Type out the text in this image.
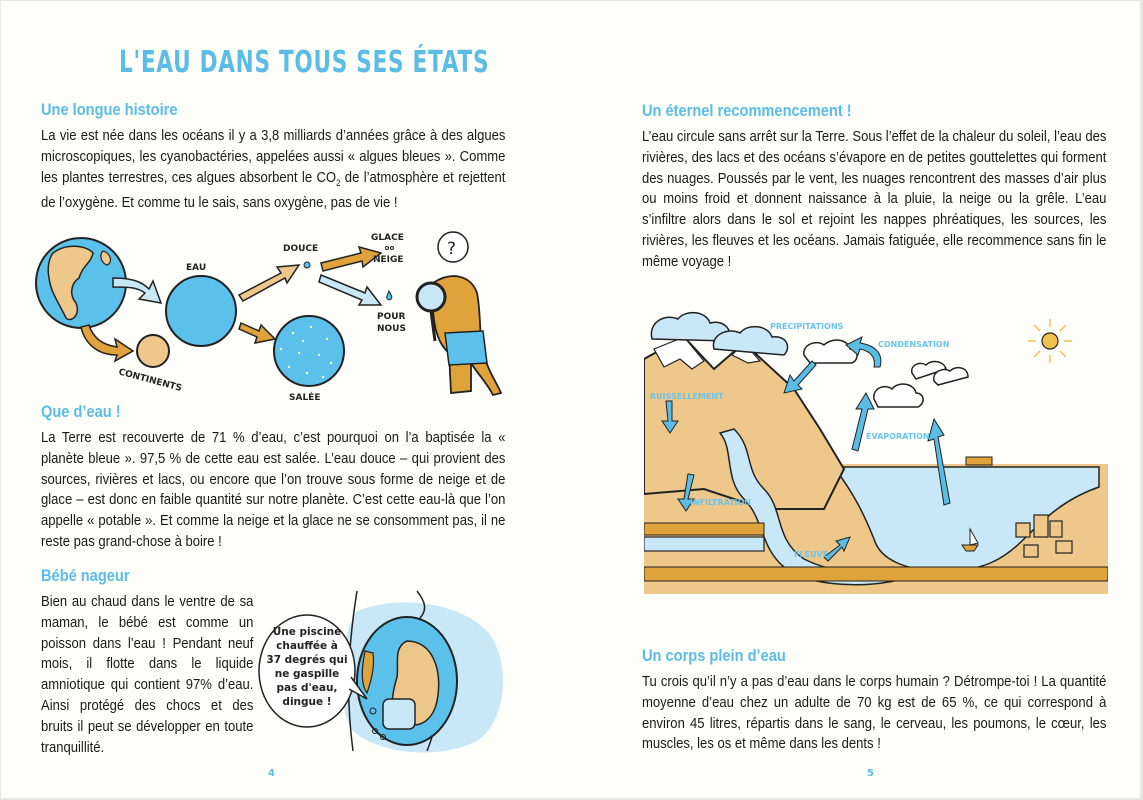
L'EAU DANS TOUS SES ÉTATS
Une longue histoire
La vie est née dans les océans il y a 3,8 milliards d’années grâce à des algues microscopiques, les cyanobactéries, appelées aussi « algues bleues ». Comme les plantes terrestres, ces algues absorbent le $CO_2$ de l’atmosphère et rejettent de l’oxygène. Et comme tu le sais, sans oxygène, pas de vie !
CONTINENTS
EAU
SALÉE
DOUCE
GLACE
NEIGE
POUR
NOUS
?
Que d’eau !
La Terre est recouverte de 71 % d’eau, c’est pourquoi on l’a baptisée la « planète bleue ». 97,5 % de cette eau est salée. L’eau douce – qui provient des sources, rivières et lacs, ou encore que l’on trouve sous forme de neige et de glace – est donc en faible quantité sur notre planète. C’est cette eau-là que l’on appelle « potable ». Et comme la neige et la glace ne se consomment pas, il ne reste pas grand-chose à boire !
Bébé nageur
Bien au chaud dans le ventre de sa maman, le bébé est comme un poisson dans l’eau ! Pendant neuf mois, il flotte dans le liquide amniotique qui contient 97% d’eau. Ainsi protégé des chocs et des bruits il peut se développer en toute tranquillité.
Une piscine
chauffée à
37 degrés qui
ne gaspille
pas d'eau,
dingue !
4
Un éternel recommencement !
L’eau circule sans arrêt sur la Terre. Sous l’effet de la chaleur du soleil, l’eau des rivières, des lacs et des océans s’évapore en de petites gouttelettes qui forment des nuages. Poussés par le vent, les nuages rencontrent des masses d’air plus ou moins froid et donnent naissance à la pluie, la neige ou la grêle. L’eau s’infiltre alors dans le sol et rejoint les nappes phréatiques, les sources, les rivières, les fleuves et les océans. Jamais fatiguée, elle recommence sans fin le même voyage !
PRÉCIPITATIONS
CONDENSATION
RUISSELLEMENT
ÉVAPORATION
INFILTRATION
FLEUVE
Un corps plein d’eau
Tu crois qu’il n’y a pas d’eau dans le corps humain ? Détrompe-toi ! La quantité moyenne d’eau chez un adulte de 70 kg est de 65 %, ce qui correspond à environ 45 litres, répartis dans le sang, le cerveau, les poumons, le cœur, les muscles, les os et même dans les dents !
5
